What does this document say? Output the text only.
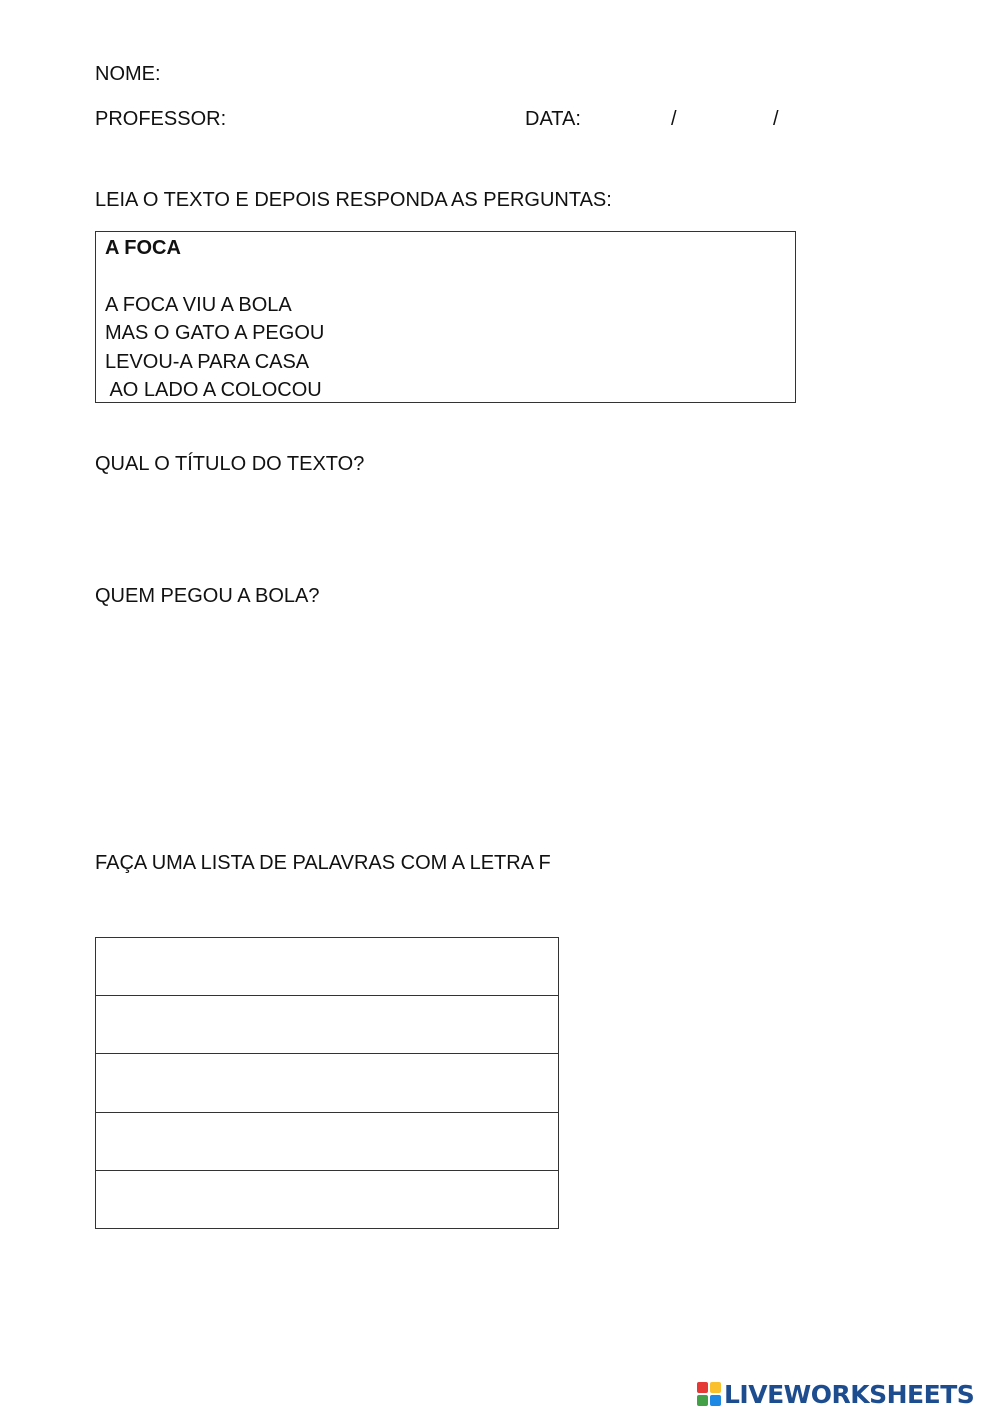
NOME:
PROFESSOR:	DATA:	/	/
LEIA O TEXTO E DEPOIS RESPONDA AS PERGUNTAS:
A FOCA
A FOCA VIU A BOLA
MAS O GATO A PEGOU
LEVOU-A PARA CASA
AO LADO A COLOCOU
QUAL O TÍTULO DO TEXTO?
QUEM PEGOU A BOLA?
FAÇA UMA LISTA DE PALAVRAS COM A LETRA F
LIVEWORKSHEETS
